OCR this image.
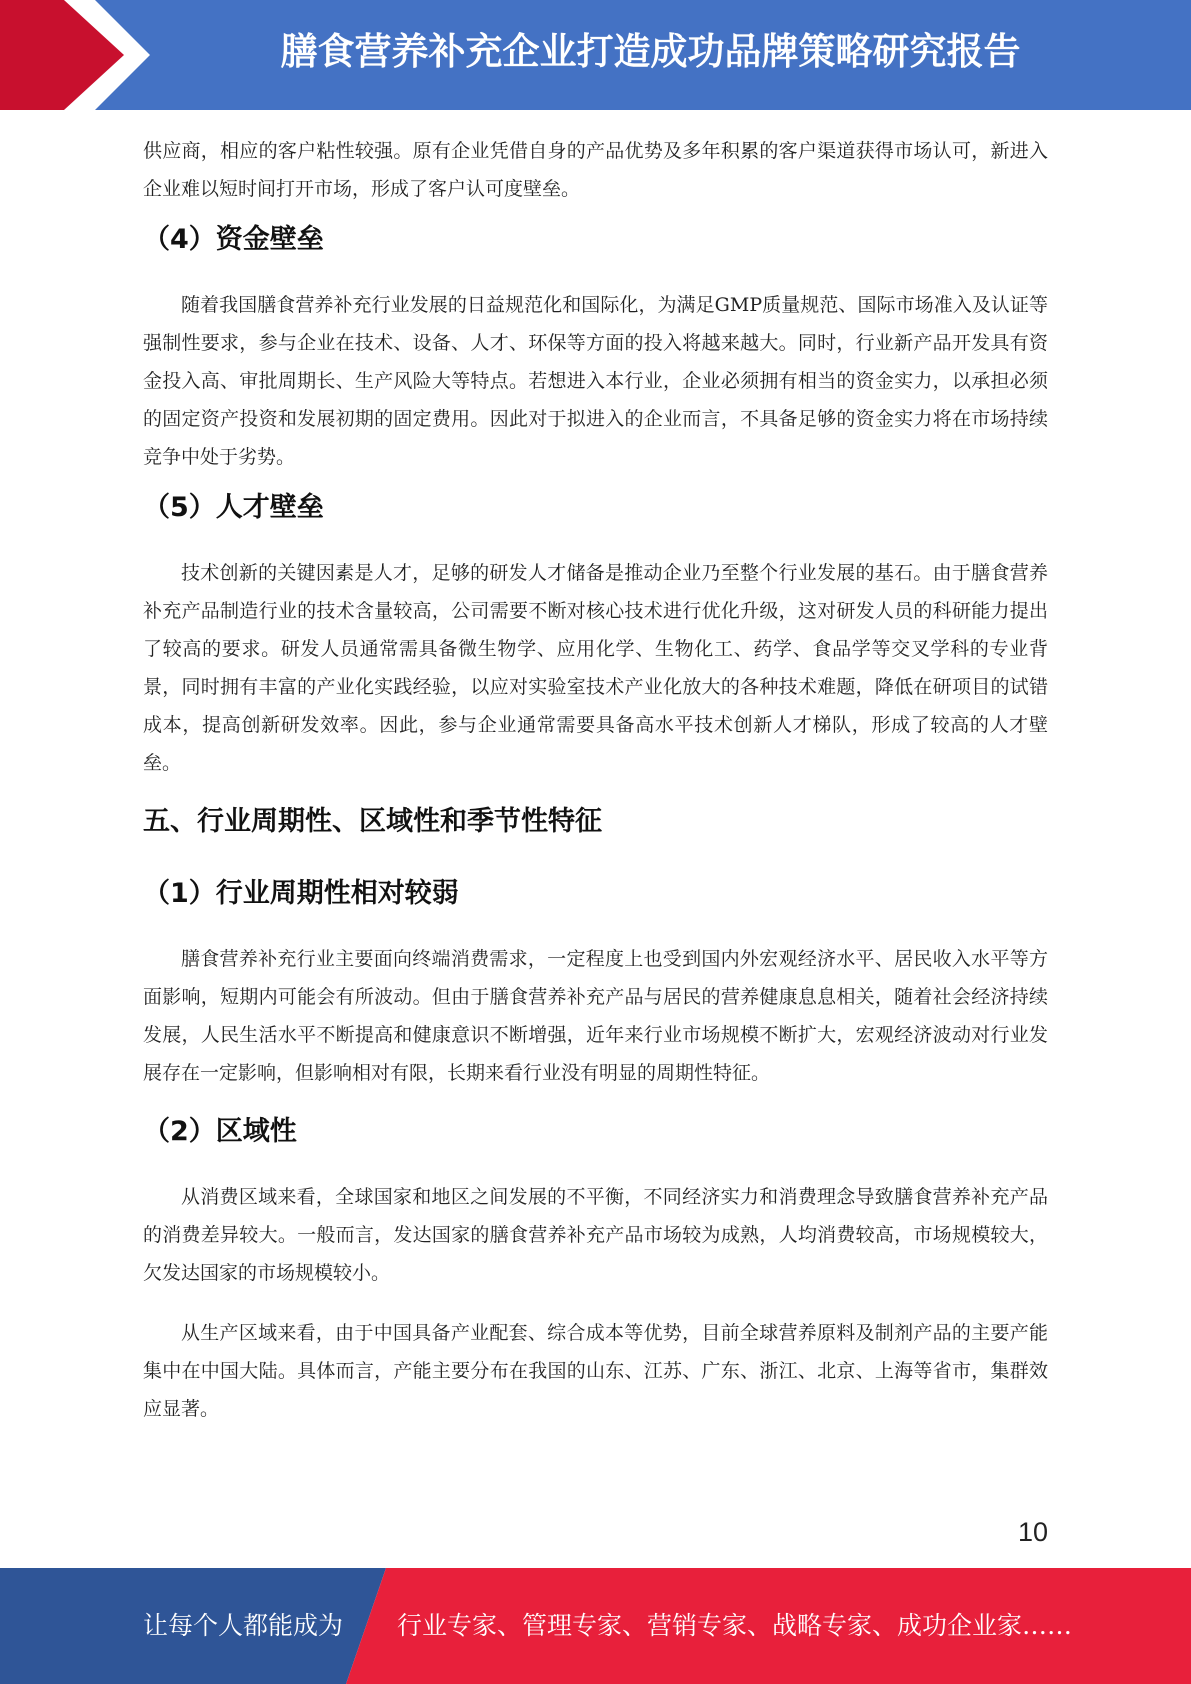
膳食营养补充企业打造成功品牌策略研究报告

供应商，相应的客户粘性较强。原有企业凭借自身的产品优势及多年积累的客户渠道获得市场认可，新进入企业难以短时间打开市场，形成了客户认可度壁垒。

（4）资金壁垒

随着我国膳食营养补充行业发展的日益规范化和国际化，为满足GMP质量规范、国际市场准入及认证等强制性要求，参与企业在技术、设备、人才、环保等方面的投入将越来越大。同时，行业新产品开发具有资金投入高、审批周期长、生产风险大等特点。若想进入本行业，企业必须拥有相当的资金实力，以承担必须的固定资产投资和发展初期的固定费用。因此对于拟进入的企业而言，不具备足够的资金实力将在市场持续竞争中处于劣势。

（5）人才壁垒

技术创新的关键因素是人才，足够的研发人才储备是推动企业乃至整个行业发展的基石。由于膳食营养补充产品制造行业的技术含量较高，公司需要不断对核心技术进行优化升级，这对研发人员的科研能力提出了较高的要求。研发人员通常需具备微生物学、应用化学、生物化工、药学、食品学等交叉学科的专业背景，同时拥有丰富的产业化实践经验，以应对实验室技术产业化放大的各种技术难题，降低在研项目的试错成本，提高创新研发效率。因此，参与企业通常需要具备高水平技术创新人才梯队，形成了较高的人才壁垒。

五、行业周期性、区域性和季节性特征
（1）行业周期性相对较弱

膳食营养补充行业主要面向终端消费需求，一定程度上也受到国内外宏观经济水平、居民收入水平等方面影响，短期内可能会有所波动。但由于膳食营养补充产品与居民的营养健康息息相关，随着社会经济持续发展，人民生活水平不断提高和健康意识不断增强，近年来行业市场规模不断扩大，宏观经济波动对行业发展存在一定影响，但影响相对有限，长期来看行业没有明显的周期性特征。

（2）区域性

从消费区域来看，全球国家和地区之间发展的不平衡，不同经济实力和消费理念导致膳食营养补充产品的消费差异较大。一般而言，发达国家的膳食营养补充产品市场较为成熟，人均消费较高，市场规模较大，欠发达国家的市场规模较小。

从生产区域来看，由于中国具备产业配套、综合成本等优势，目前全球营养原料及制剂产品的主要产能集中在中国大陆。具体而言，产能主要分布在我国的山东、江苏、广东、浙江、北京、上海等省市，集群效应显著。

10
让每个人都能成为 行业专家、管理专家、营销专家、战略专家、成功企业家……
